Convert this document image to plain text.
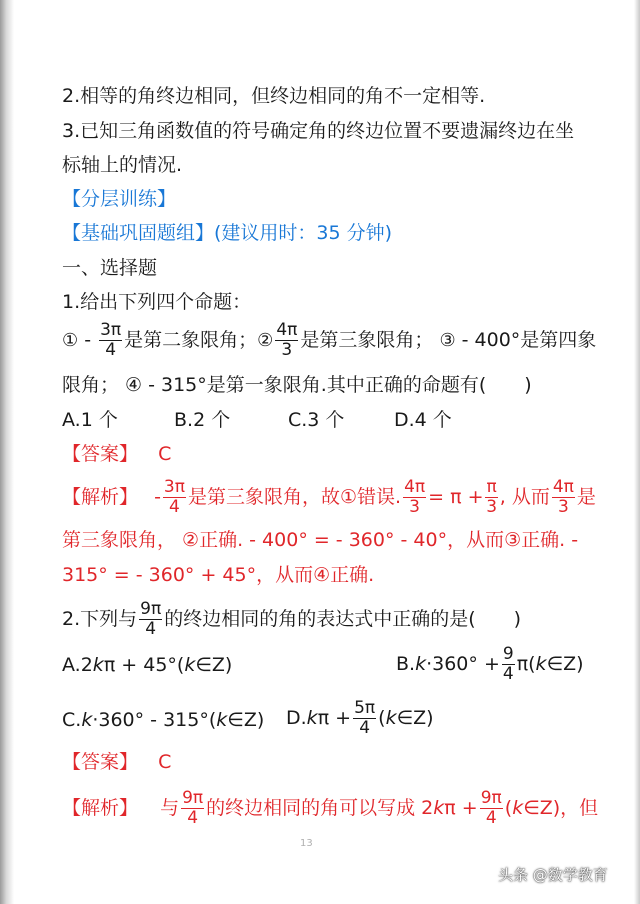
2.相等的角终边相同，但终边相同的角不一定相等.
3.已知三角函数值的符号确定角的终边位置不要遗漏终边在坐
标轴上的情况.
【分层训练】
【基础巩固题组】(建议用时：35 分钟)
一、选择题
1.给出下列四个命题：
① - $\frac{3\pi}{4}$ 是第二象限角；② $\frac{4\pi}{3}$ 是第三象限角； ③ - 400°是第四象
限角； ④ - 315°是第一象限角.其中正确的命题有(　　)
A.1 个	B.2 个	C.3 个	D.4 个
【答案】 C
【解析】 - $\frac{3\pi}{4}$ 是第三象限角，故①错误. $\frac{4\pi}{3} = \pi + \frac{\pi}{3}$ , 从而 $\frac{4\pi}{3}$ 是
第三象限角， ②正确. - 400° = - 360° - 40°，从而③正确. -
315° = - 360° + 45°，从而④正确.
2.下列与 $\frac{9\pi}{4}$ 的终边相同的角的表达式中正确的是(　　)
A.2kπ + 45°(k∈Z)	$B.k\cdot 360^\circ + \frac{9}{4}$ π(k∈Z)
C.k·360° - 315°(k∈Z) $D.k\pi + \frac{5\pi}{4}$ (k∈Z)
【答案】 C
【解析】 与 $\frac{9\pi}{4}$ 的终边相同的角可以写成 $2k\pi + \frac{9\pi}{4}$ (k∈Z)，但
13
头条 @数学教育
